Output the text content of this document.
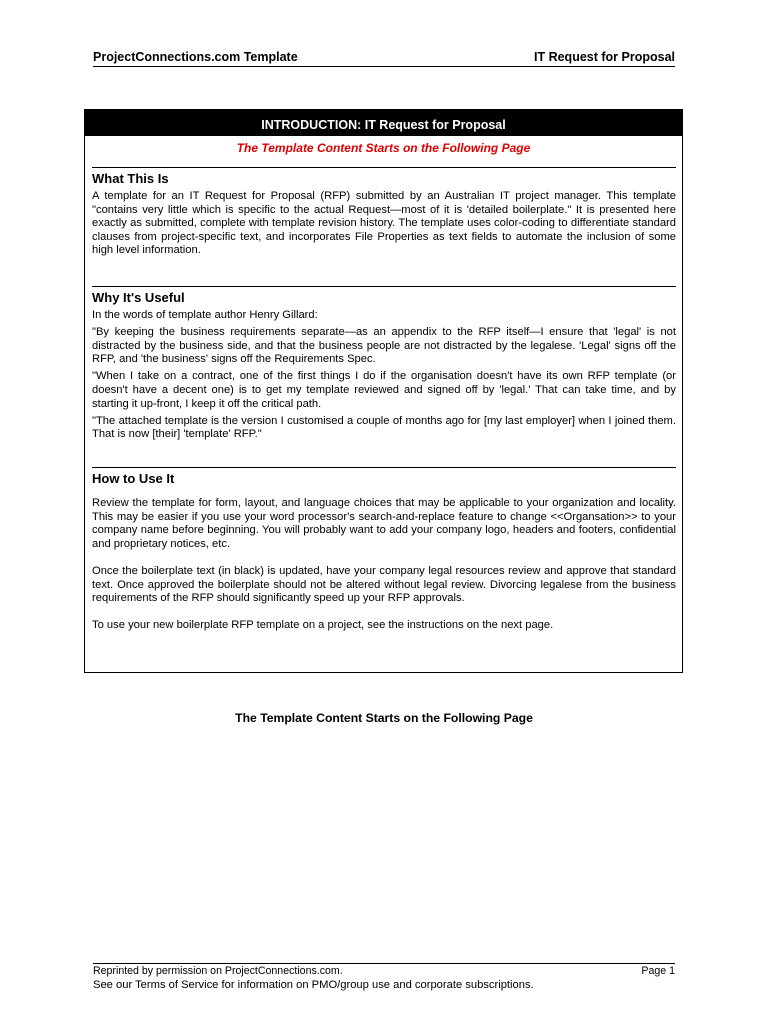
ProjectConnections.com Template	IT Request for Proposal
INTRODUCTION: IT Request for Proposal
The Template Content Starts on the Following Page
What This Is

A template for an IT Request for Proposal (RFP) submitted by an Australian IT project manager. This template "contains very little which is specific to the actual Request—most of it is 'detailed boilerplate." It is presented here exactly as submitted, complete with template revision history. The template uses color-coding to differentiate standard clauses from project-specific text, and incorporates File Properties as text fields to automate the inclusion of some high level information.

Why It's Useful

In the words of template author Henry Gillard:

"By keeping the business requirements separate—as an appendix to the RFP itself—I ensure that 'legal' is not distracted by the business side, and that the business people are not distracted by the legalese. 'Legal' signs off the RFP, and 'the business' signs off the Requirements Spec.

"When I take on a contract, one of the first things I do if the organisation doesn't have its own RFP template (or doesn't have a decent one) is to get my template reviewed and signed off by 'legal.' That can take time, and by starting it up-front, I keep it off the critical path.

"The attached template is the version I customised a couple of months ago for [my last employer] when I joined them. That is now [their] 'template' RFP."

How to Use It

Review the template for form, layout, and language choices that may be applicable to your organization and locality. This may be easier if you use your word processor's search-and-replace feature to change <<Organsation>> to your company name before beginning. You will probably want to add your company logo, headers and footers, confidential and proprietary notices, etc.

Once the boilerplate text (in black) is updated, have your company legal resources review and approve that standard text. Once approved the boilerplate should not be altered without legal review. Divorcing legalese from the business requirements of the RFP should significantly speed up your RFP approvals.

To use your new boilerplate RFP template on a project, see the instructions on the next page.

The Template Content Starts on the Following Page
Reprinted by permission on ProjectConnections.com.	Page 1
See our Terms of Service for information on PMO/group use and corporate subscriptions.
